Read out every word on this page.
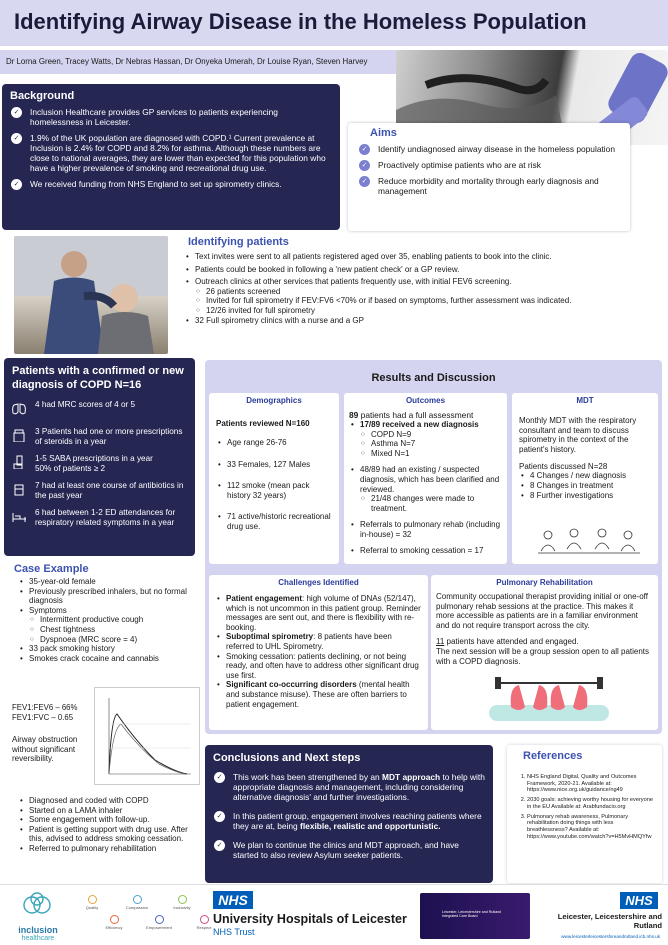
Identifying Airway Disease in the Homeless Population
Dr Lorna Green, Tracey Watts, Dr Nebras Hassan, Dr Onyeka Umerah, Dr Louise Ryan, Steven Harvey
Background
✓ Inclusion Healthcare provides GP services to patients experiencing homelessness in Leicester.
✓ 1.9% of the UK population are diagnosed with COPD.¹ Current prevalence at Inclusion is 2.4% for COPD and 8.2% for asthma. Although these numbers are close to national averages, they are lower than expected for this population who have a higher prevalence of smoking and recreational drug use.
✓ We received funding from NHS England to set up spirometry clinics.
Aims
✓ Identify undiagnosed airway disease in the homeless population
✓ Proactively optimise patients who are at risk
✓ Reduce morbidity and mortality through early diagnosis and management
Identifying patients
• Text invites were sent to all patients registered aged over 35, enabling patients to book into the clinic.
• Patients could be booked in following a 'new patient check' or a GP review.
• Outreach clinics at other services that patients frequently use, with initial FEV6 screening.
○ 26 patients screened
○ Invited for full spirometry if FEV:FV6 <70% or if based on symptoms, further assessment was indicated.
○ 12/26 invited for full spirometry
• 32 Full spirometry clinics with a nurse and a GP
Patients with a confirmed or new diagnosis of COPD N=16
4 had MRC scores of 4 or 5
3 Patients had one or more prescriptions of steroids in a year
1-5 SABA prescriptions in a year
50% of patients ≥ 2
7 had at least one course of antibiotics in the past year
6 had between 1-2 ED attendances for respiratory related symptoms in a year
Case Example
• 35-year-old female
• Previously prescribed inhalers, but no formal diagnosis
• Symptoms
○ Intermittent productive cough
○ Chest tightness
○ Dyspnoea (MRC score = 4)
• 33 pack smoking history
• Smokes crack cocaine and cannabis
FEV1:FEV6 – 66%
FEV1:FVC – 0.65
Airway obstruction without significant reversibility.
• Diagnosed and coded with COPD
• Started on a LAMA inhaler
• Some engagement with follow-up.
• Patient is getting support with drug use. After this, advised to address smoking cessation.
• Referred to pulmonary rehabilitation
Results and Discussion
Demographics
Patients reviewed N=160
• Age range 26-76
• 33 Females, 127 Males
• 112 smoke (mean pack history 32 years)
• 71 active/historic recreational drug use.
Outcomes
89 patients had a full assessment
• 17/89 received a new diagnosis
○ COPD N=9
○ Asthma N=7
○ Mixed N=1
• 48/89 had an existing / suspected diagnosis, which has been clarified and reviewed.
○ 21/48 changes were made to treatment.
• Referrals to pulmonary rehab (including in-house) = 32
• Referral to smoking cessation = 17
MDT
Monthly MDT with the respiratory consultant and team to discuss spirometry in the context of the patient's history.
Patients discussed N=28
• 4 Changes / new diagnosis
• 8 Changes in treatment
• 8 Further investigations
Challenges Identified
• Patient engagement: high volume of DNAs (52/147), which is not uncommon in this patient group. Reminder messages are sent out, and there is flexibility with re-booking.
• Suboptimal spirometry: 8 patients have been referred to UHL Spirometry.
• Smoking cessation: patients declining, or not being ready, and often have to address other significant drug use first.
• Significant co-occurring disorders (mental health and substance misuse). These are often barriers to patient engagement.
Pulmonary Rehabilitation
Community occupational therapist providing initial or one-off pulmonary rehab sessions at the practice. This makes it more accessible as patients are in a familiar environment and do not require transport across the city.
11 patients have attended and engaged.
The next session will be a group session open to all patients with a COPD diagnosis.
Conclusions and Next steps
✓ This work has been strengthened by an MDT approach to help with appropriate diagnosis and management, including considering alternative diagnosis' and further investigations.
✓ In this patient group, engagement involves reaching patients where they are at, being flexible, realistic and opportunistic.
✓ We plan to continue the clinics and MDT approach, and have started to also review Asylum seeker patients.
References
1. NHS England Digital, Quality and Outcomes Framework, 2020-21. Available at: https://www.nice.org.uk/guidance/ng49
2. 2030 goals: achieving worthy housing for everyone in the EU Available at: Arabfundacio.org
3. Pulmonary rehab awareness, Pulmonary rehabilitation doing things with less breathlessness? Available at: https://www.youtube.com/watch?v=H5MvHMQYfw
inclusion
healthcare
Quality	Compassion	Inclusivity
Efficiency	Empowerment	Respect
NHS
University Hospitals of Leicester
NHS Trust
Leicester, Leicestershire and Rutland Integrated Care Board
NHS
Leicester, Leicestershire and Rutland
www.leicesterleicestershireandrutland.icb.nhs.uk
